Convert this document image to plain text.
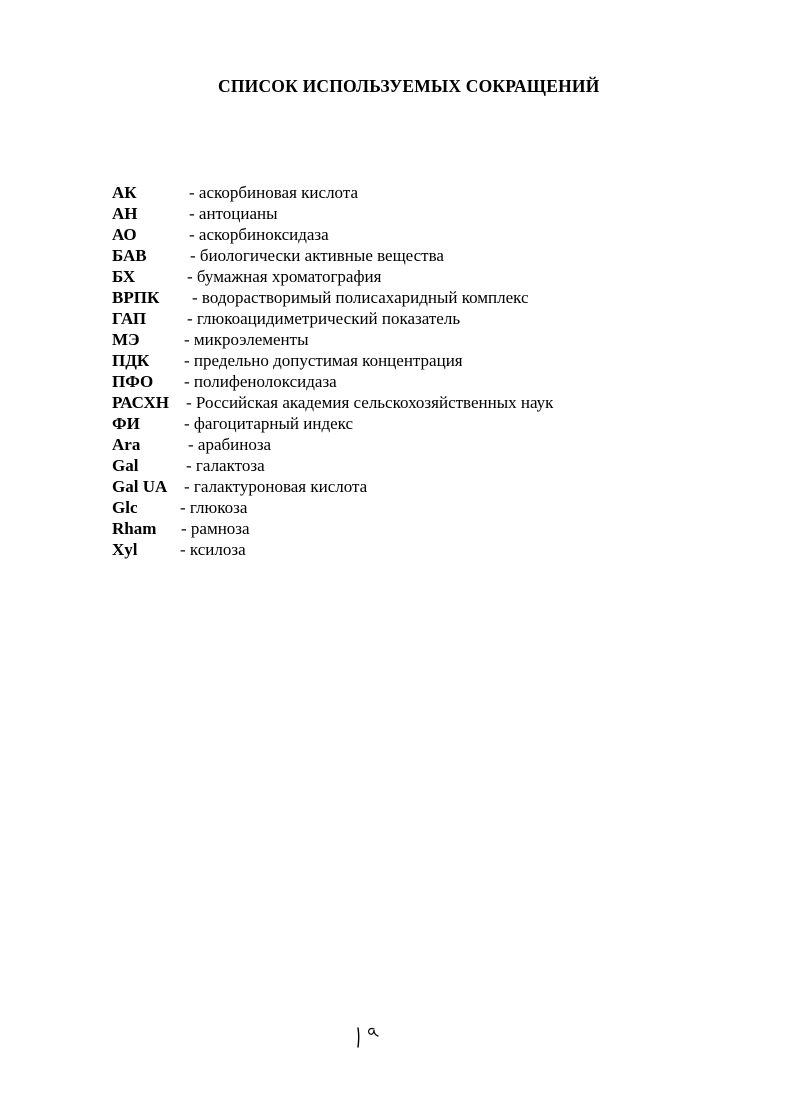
СПИСОК ИСПОЛЬЗУЕМЫХ СОКРАЩЕНИЙ
АК	- аскорбиновая кислота
АН	- антоцианы
АО	- аскорбиноксидаза
БАВ	- биологически активные вещества
БХ	- бумажная хроматография
ВРПК - водорастворимый полисахаридный комплекс
ГАП - глюкоацидиметрический показатель
МЭ	- микроэлементы
ПДК - предельно допустимая концентрация
ПФО - полифенолоксидаза
РАСХН - Российская академия сельскохозяйственных наук
ФИ	- фагоцитарный индекс
Ara	- арабиноза
Gal	- галактоза
Gal UA - галактуроновая кислота
Glc	- глюкоза
Rham - рамноза
Xyl	- ксилоза
